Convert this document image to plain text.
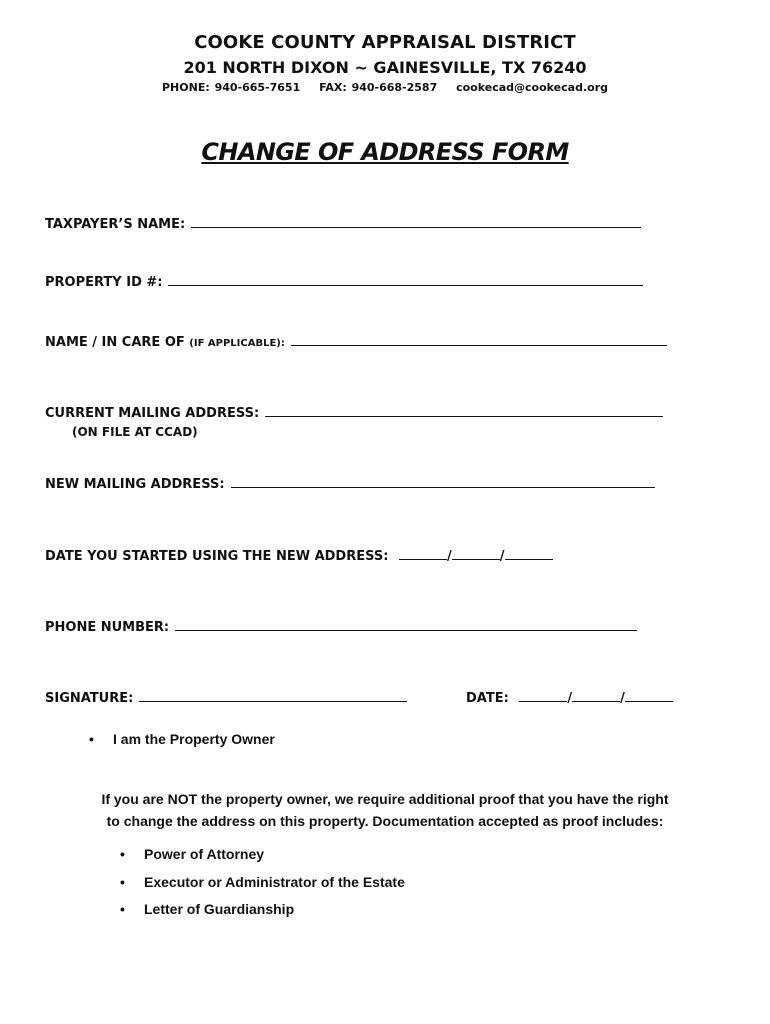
COOKE COUNTY APPRAISAL DISTRICT
201 NORTH DIXON ~ GAINESVILLE, TX 76240
PHONE: 940-665-7651 FAX: 940-668-2587 cookecad@cookecad.org
CHANGE OF ADDRESS FORM
TAXPAYER’S NAME:
PROPERTY ID #:
NAME / IN CARE OF (IF APPLICABLE):
CURRENT MAILING ADDRESS:
(ON FILE AT CCAD)
NEW MAILING ADDRESS:
DATE YOU STARTED USING THE NEW ADDRESS:	/	/
PHONE NUMBER:
SIGNATURE:	DATE:	/	/
• I am the Property Owner
If you are NOT the property owner, we require additional proof that you have the right
to change the address on this property. Documentation accepted as proof includes:
• Power of Attorney
• Executor or Administrator of the Estate
• Letter of Guardianship
